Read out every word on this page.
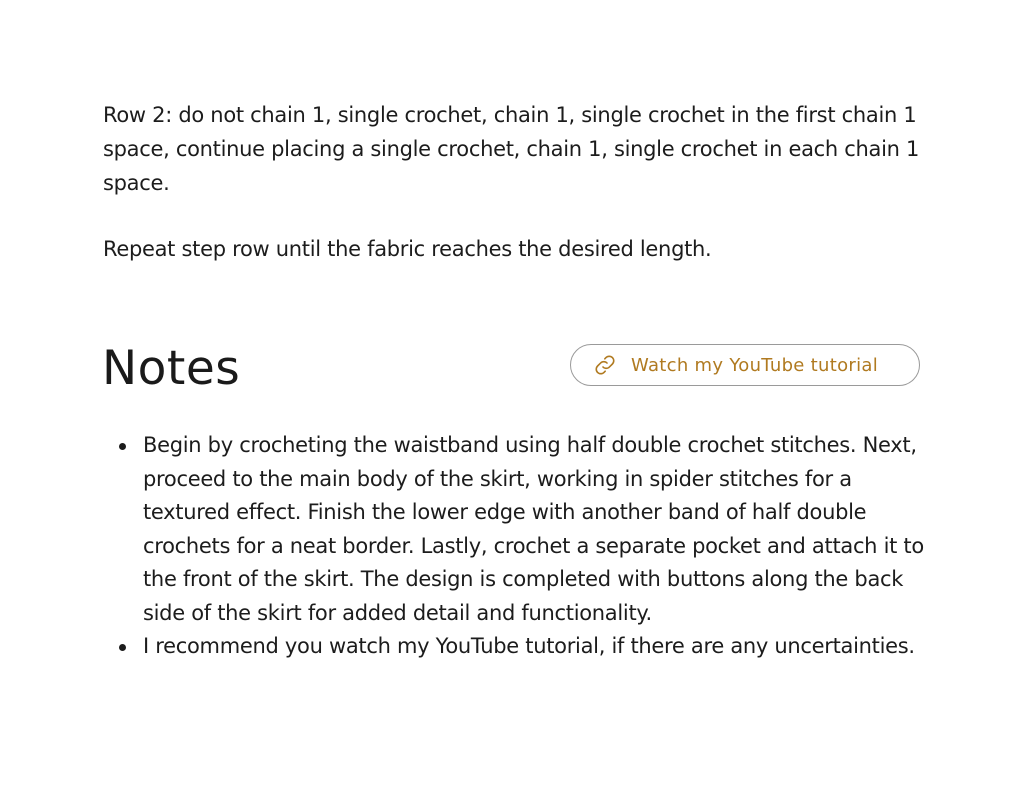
Row 2: do not chain 1, single crochet, chain 1, single crochet in the first chain 1 space, continue placing a single crochet, chain 1, single crochet in each chain 1 space.

Repeat step row until the fabric reaches the desired length.

Notes	Watch my YouTube tutorial
Begin by crocheting the waistband using half double crochet stitches. Next, proceed to the main body of the skirt, working in spider stitches for a textured effect. Finish the lower edge with another band of half double crochets for a neat border. Lastly, crochet a separate pocket and attach it to the front of the skirt. The design is completed with buttons along the back side of the skirt for added detail and functionality.
I recommend you watch my YouTube tutorial, if there are any uncertainties.
